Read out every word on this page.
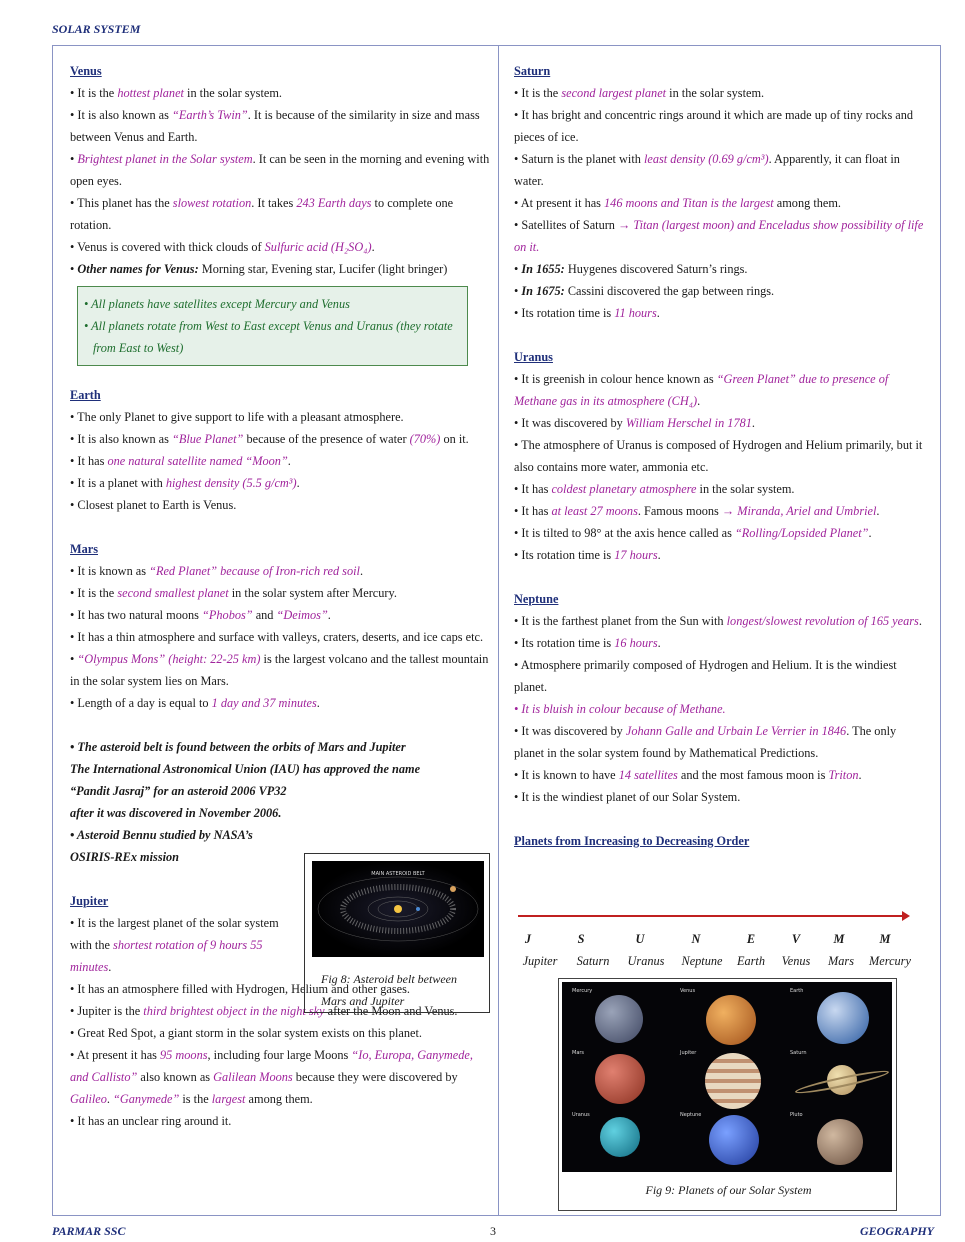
SOLAR SYSTEM
Venus
• It is the hottest planet in the solar system.
• It is also known as “Earth’s Twin”. It is because of the similarity in size and mass between Venus and Earth.
• Brightest planet in the Solar system. It can be seen in the morning and evening with open eyes.
• This planet has the slowest rotation. It takes 243 Earth days to complete one rotation.
• Venus is covered with thick clouds of Sulfuric acid (H₂SO₄).
• Other names for Venus: Morning star, Evening star, Lucifer (light bringer)
• All planets have satellites except Mercury and Venus
• All planets rotate from West to East except Venus and Uranus (they rotate from East to West)
Earth
• The only Planet to give support to life with a pleasant atmosphere.
• It is also known as “Blue Planet” because of the presence of water (70%) on it.
• It has one natural satellite named “Moon”.
• It is a planet with highest density (5.5 g/cm³).
• Closest planet to Earth is Venus.
Mars
• It is known as “Red Planet” because of Iron-rich red soil.
• It is the second smallest planet in the solar system after Mercury.
• It has two natural moons “Phobos” and “Deimos”.
• It has a thin atmosphere and surface with valleys, craters, deserts, and ice caps etc.
• “Olympus Mons” (height: 22-25 km) is the largest volcano and the tallest mountain in the solar system lies on Mars.
• Length of a day is equal to 1 day and 37 minutes.
• The asteroid belt is found between the orbits of Mars and Jupiter
The International Astronomical Union (IAU) has approved the name
“Pandit Jasraj” for an asteroid 2006 VP32
after it was discovered in November 2006.
• Asteroid Bennu studied by NASA’s
OSIRIS-REx mission
Jupiter
• It is the largest planet of the solar system with the shortest rotation of 9 hours 55 minutes.
• It has an atmosphere filled with Hydrogen, Helium and other gases.
• Jupiter is the third brightest object in the night sky after the Moon and Venus.
• Great Red Spot, a giant storm in the solar system exists on this planet.
• At present it has 95 moons, including four large Moons “Io, Europa, Ganymede, and Callisto” also known as Galilean Moons because they were discovered by Galileo. “Ganymede” is the largest among them.
• It has an unclear ring around it.
MAIN ASTEROID BELT
Fig 8: Asteroid belt between Mars and Jupiter
Saturn
• It is the second largest planet in the solar system.
• It has bright and concentric rings around it which are made up of tiny rocks and pieces of ice.
• Saturn is the planet with least density (0.69 g/cm³). Apparently, it can float in water.
• At present it has 146 moons and Titan is the largest among them.
• Satellites of Saturn → Titan (largest moon) and Enceladus show possibility of life on it.
• In 1655: Huygenes discovered Saturn’s rings.
• In 1675: Cassini discovered the gap between rings.
• Its rotation time is 11 hours.
Uranus
• It is greenish in colour hence known as “Green Planet” due to presence of Methane gas in its atmosphere (CH₄).
• It was discovered by William Herschel in 1781.
• The atmosphere of Uranus is composed of Hydrogen and Helium primarily, but it also contains more water, ammonia etc.
• It has coldest planetary atmosphere in the solar system.
• It has at least 27 moons. Famous moons → Miranda, Ariel and Umbriel.
• It is tilted to 98° at the axis hence called as “Rolling/Lopsided Planet”.
• Its rotation time is 17 hours.
Neptune
• It is the farthest planet from the Sun with longest/slowest revolution of 165 years.
• Its rotation time is 16 hours.
• Atmosphere primarily composed of Hydrogen and Helium. It is the windiest planet.
• It is bluish in colour because of Methane.
• It was discovered by Johann Galle and Urbain Le Verrier in 1846. The only planet in the solar system found by Mathematical Predictions.
• It is known to have 14 satellites and the most famous moon is Triton.
• It is the windiest planet of our Solar System.
Planets from Increasing to Decreasing Order
J	S	U	N	E	V	M	M
Jupiter	Saturn	Uranus	Neptune	Earth	Venus	Mars	Mercury
Mercury	Venus	Earth
Mars	Jupiter	Saturn
Uranus	Neptune	Pluto
Fig 9: Planets of our Solar System
PARMAR SSC	3	GEOGRAPHY
